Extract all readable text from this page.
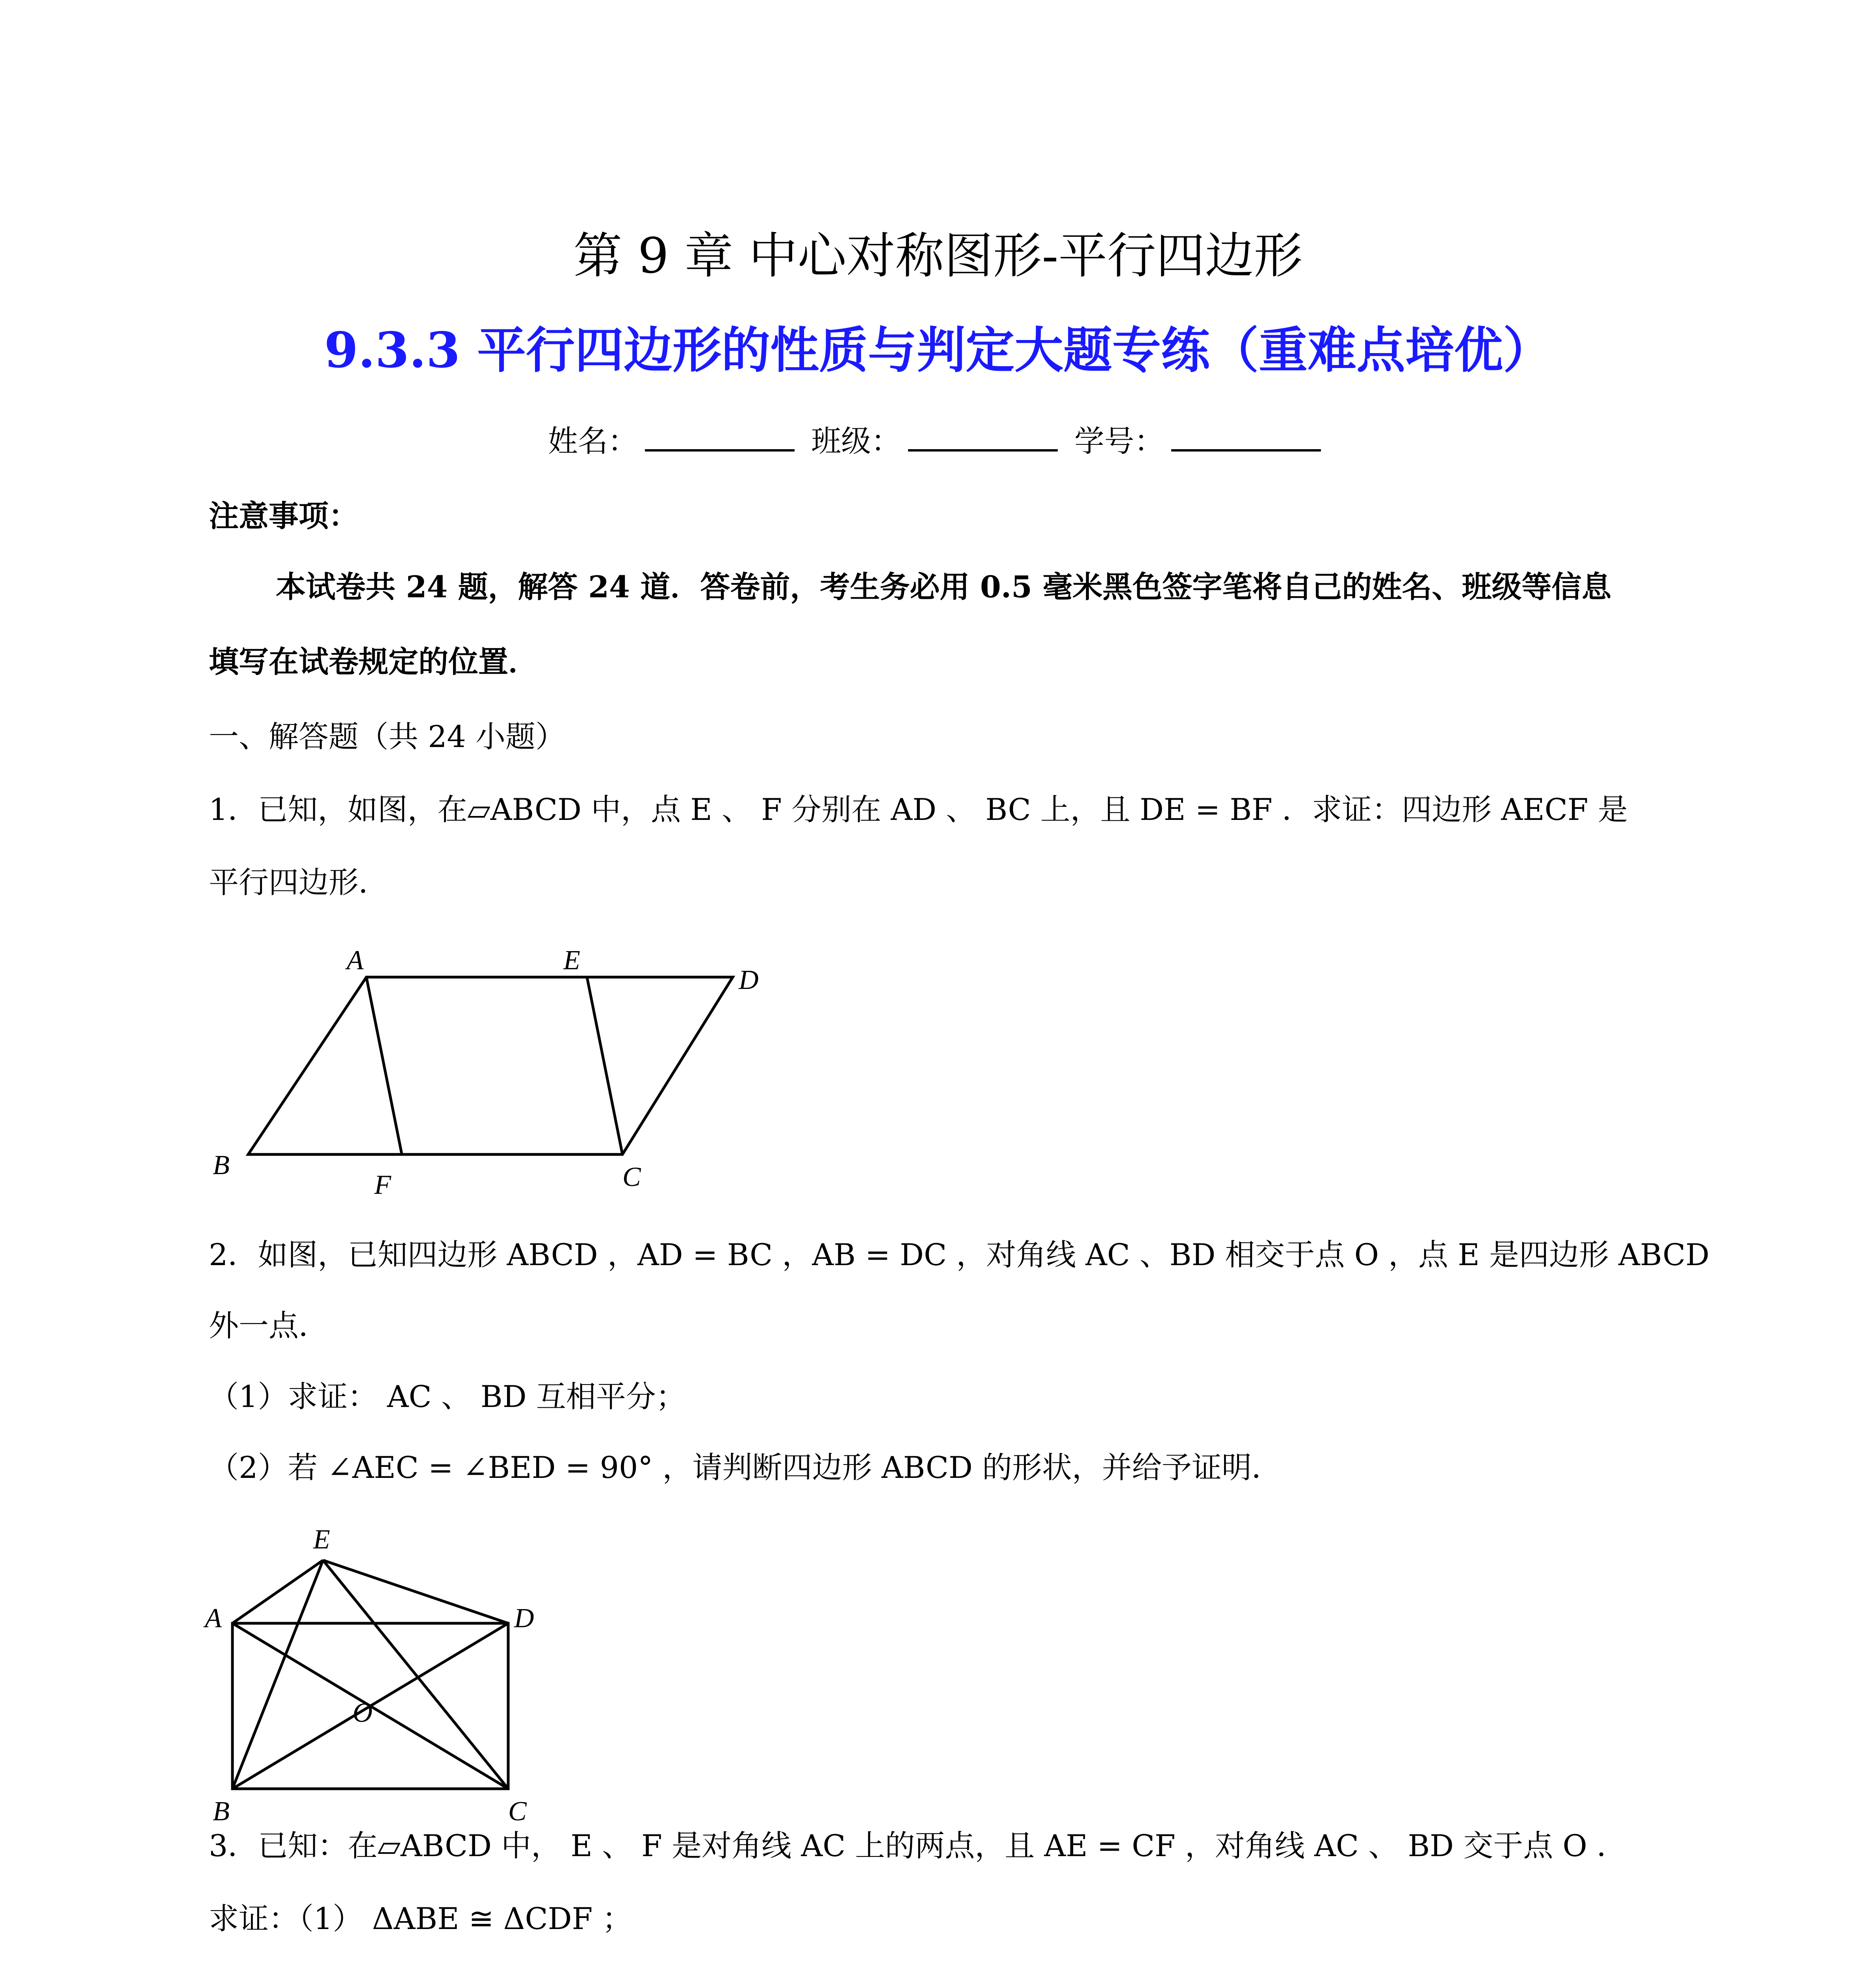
第 9 章 中心对称图形-平行四边形
9.3.3 平行四边形的性质与判定大题专练（重难点培优）
姓名：	班级：	学号：
注意事项：
本试卷共 24 题，解答 24 道．答卷前，考生务必用 0.5 毫米黑色签字笔将自己的姓名、班级等信息
填写在试卷规定的位置．
一、解答题（共 24 小题）
1．已知，如图，在▱ABCD 中，点 E 、 F 分别在 AD 、 BC 上，且 DE = BF ．求证：四边形 AECF 是
平行四边形．
A	E
D
B
F	C
2．如图，已知四边形 ABCD ，AD = BC ，AB = DC ，对角线 AC 、BD 相交于点 O ，点 E 是四边形 ABCD
外一点．
（1）求证： AC 、 BD 互相平分；
（2）若 ∠AEC = ∠BED = 90° ，请判断四边形 ABCD 的形状，并给予证明．
E
A	D
O
B	C
3．已知：在▱ABCD 中， E 、 F 是对角线 AC 上的两点，且 AE = CF ，对角线 AC 、 BD 交于点 O ．
求证：（1） ΔABE ≅ ΔCDF ；
